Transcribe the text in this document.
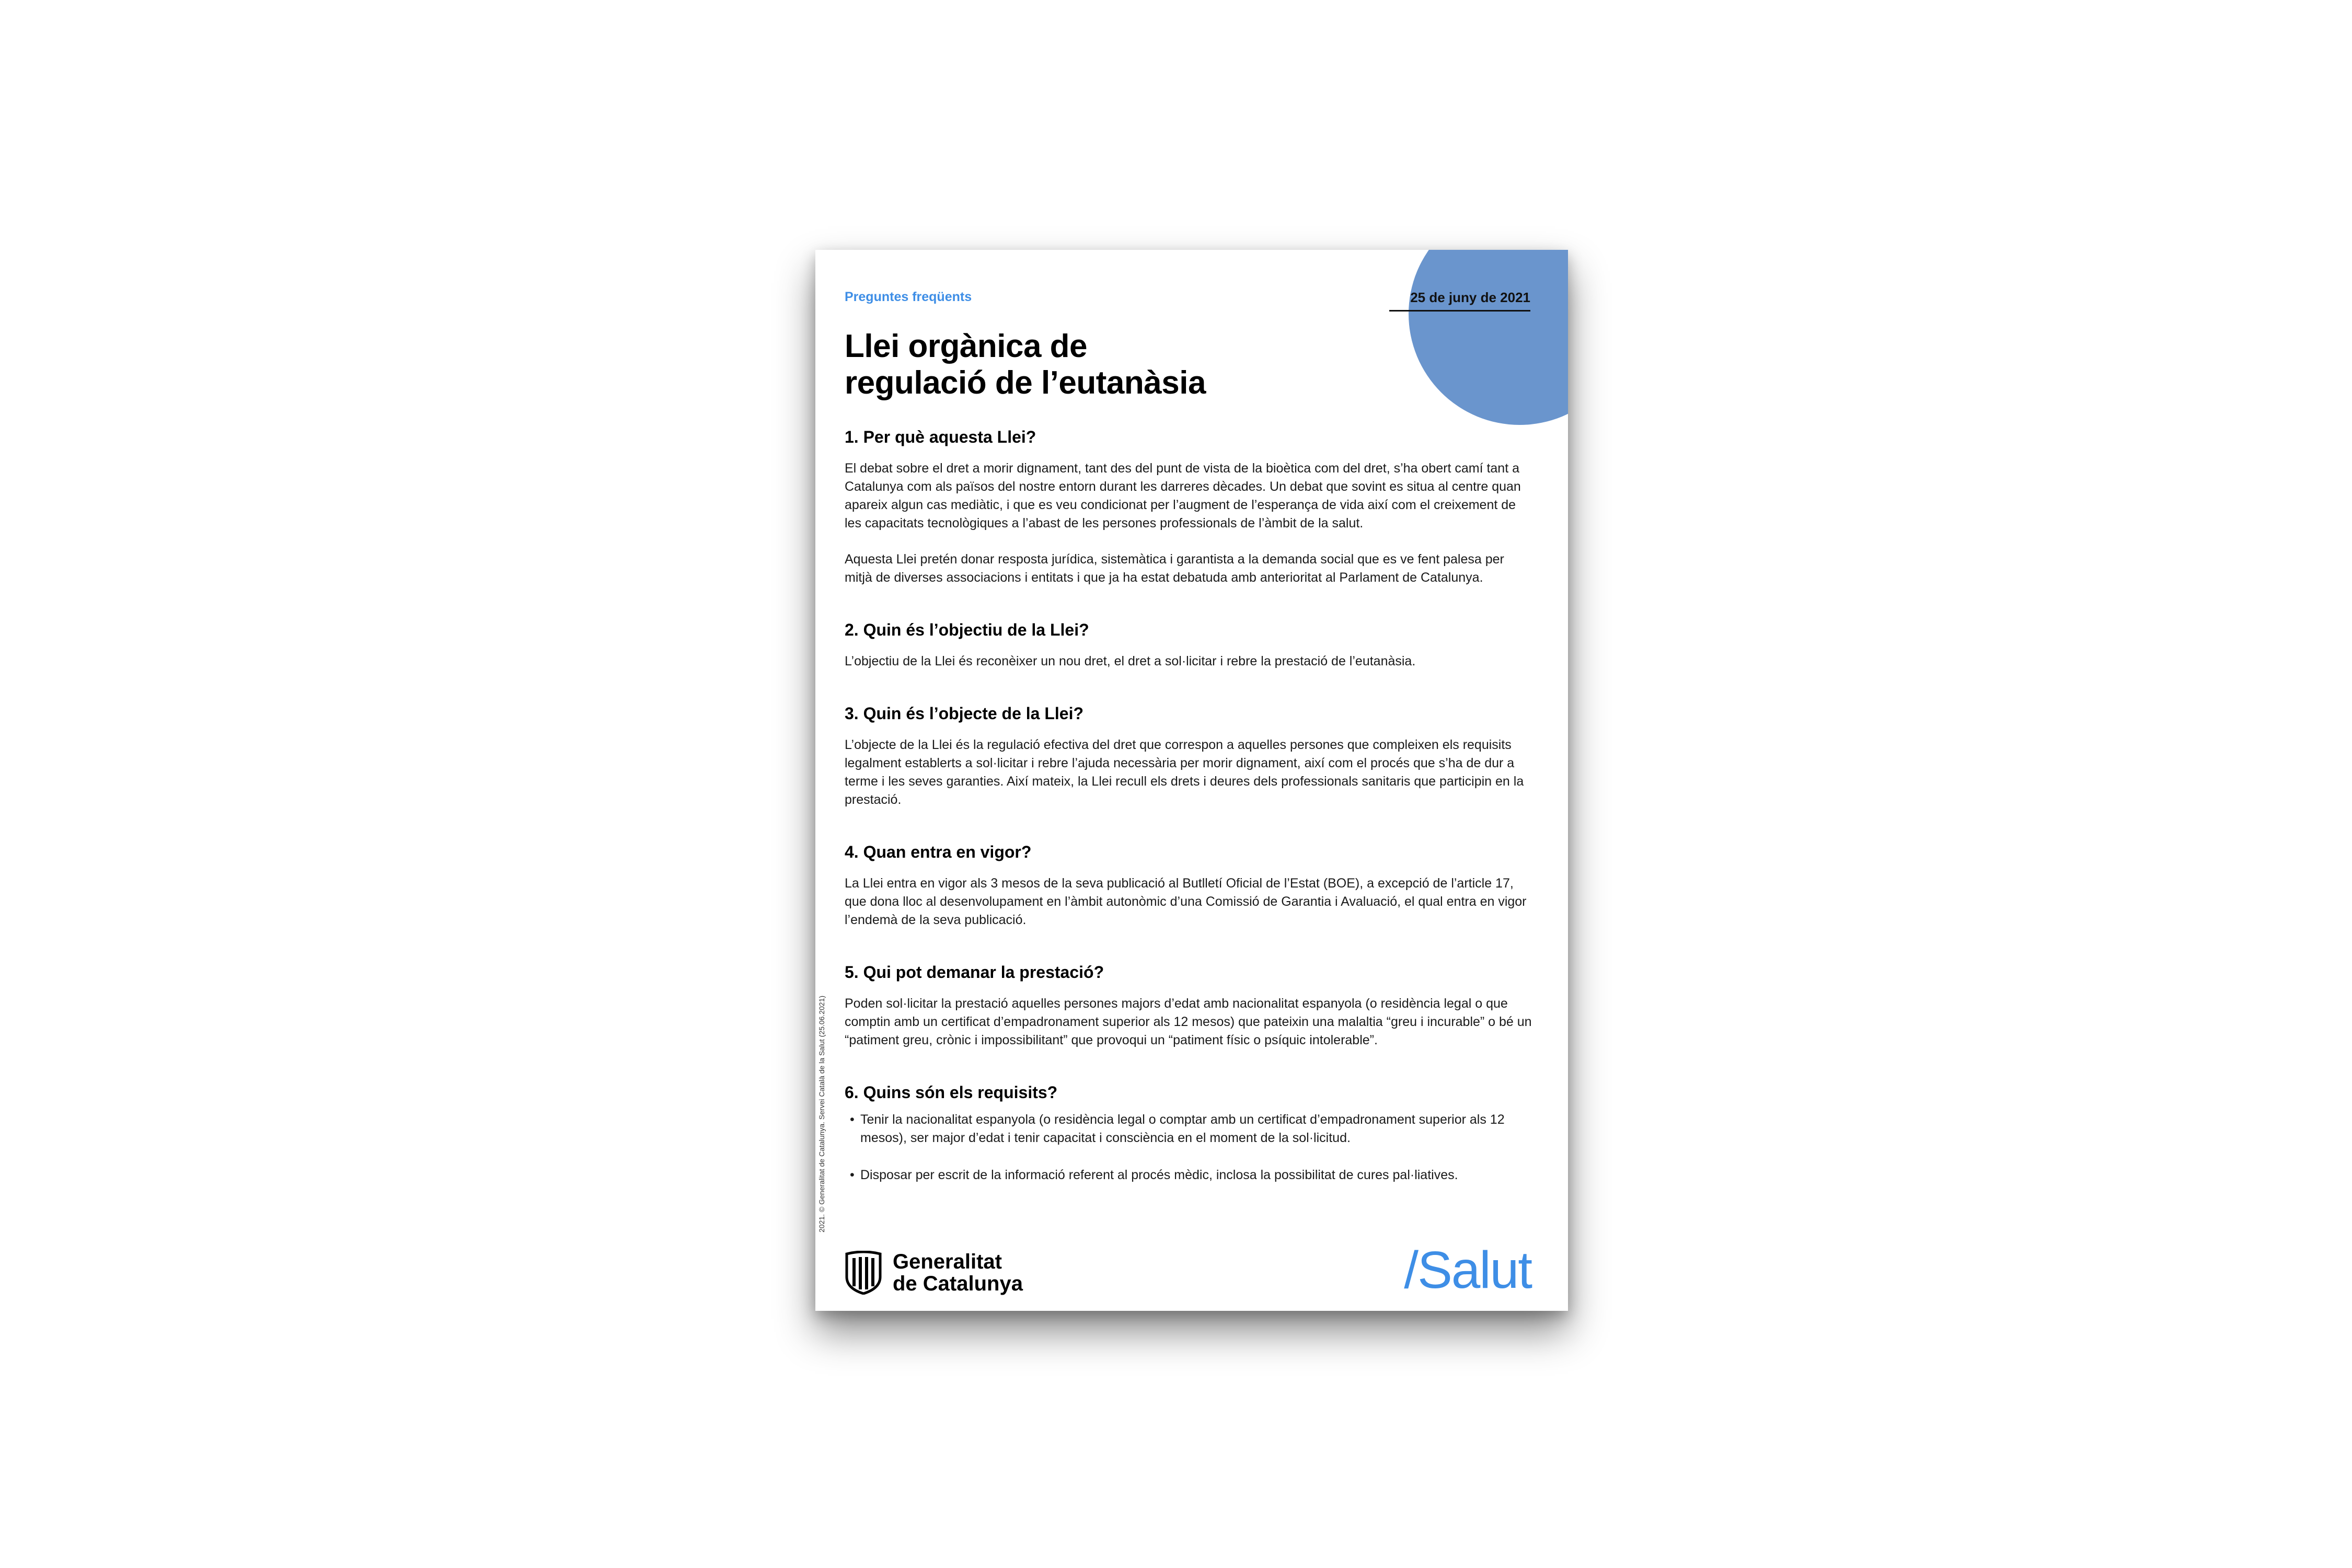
Preguntes freqüents	25 de juny de 2021
Llei orgànica de
regulació de l’eutanàsia
1. Per què aquesta Llei?

El debat sobre el dret a morir dignament, tant des del punt de vista de la bioètica com del dret, s’ha obert camí tant a Catalunya com als països del nostre entorn durant les darreres dècades. Un debat que sovint es situa al centre quan apareix algun cas mediàtic, i que es veu condicionat per l’augment de l’esperança de vida així com el creixement de les capacitats tecnològiques a l’abast de les persones professionals de l’àmbit de la salut.

Aquesta Llei pretén donar resposta jurídica, sistemàtica i garantista a la demanda social que es ve fent palesa per mitjà de diverses associacions i entitats i que ja ha estat debatuda amb anterioritat al Parlament de Catalunya.

2. Quin és l’objectiu de la Llei?

L’objectiu de la Llei és reconèixer un nou dret, el dret a sol·licitar i rebre la prestació de l’eutanàsia.

3. Quin és l’objecte de la Llei?

L’objecte de la Llei és la regulació efectiva del dret que correspon a aquelles persones que compleixen els requisits legalment establerts a sol·licitar i rebre l’ajuda necessària per morir dignament, així com el procés que s’ha de dur a terme i les seves garanties. Així mateix, la Llei recull els drets i deures dels professionals sanitaris que participin en la prestació.

4. Quan entra en vigor?

La Llei entra en vigor als 3 mesos de la seva publicació al Butlletí Oficial de l’Estat (BOE), a excepció de l’article 17, que dona lloc al desenvolupament en l’àmbit autonòmic d’una Comissió de Garantia i Avaluació, el qual entra en vigor l’endemà de la seva publicació.

5. Qui pot demanar la prestació?

Poden sol·licitar la prestació aquelles persones majors d’edat amb nacionalitat espanyola (o residència legal o que comptin amb un certificat d’empadronament superior als 12 mesos) que pateixin una malaltia “greu i incurable” o bé un “patiment greu, crònic i impossibilitant” que provoqui un “patiment físic o psíquic intolerable”.

6. Quins són els requisits?
• Tenir la nacionalitat espanyola (o residència legal o comptar amb un certificat d’empadronament superior als 12 mesos), ser major d’edat i tenir capacitat i consciència en el moment de la sol·licitud.
• Disposar per escrit de la informació referent al procés mèdic, inclosa la possibilitat de cures pal·liatives.
2021. © Generalitat de Catalunya. Servei Català de la Salut (25.06.2021)
Generalitat
de Catalunya	/Salut
